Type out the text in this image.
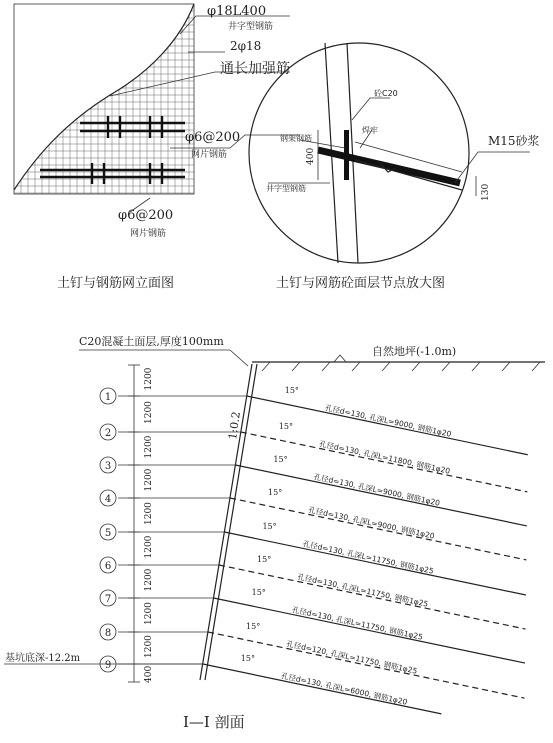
φ18L400
井字型钢筋
2φ18
通长加强筋
φ6@200
网片钢筋
φ6@200
网片钢筋
土钉与钢筋网立面图
砼C20
焊牢
钢架钢筋	M15砂浆
井字型钢筋
400
130
土钉与网筋砼面层节点放大图
C20混凝土面层,厚度100mm
自然地坪(-1.0m)
1:0.2
1200
1200
1200
1200
1200
1200
1200
1200
1200
400
1
15°
孔径d=130, 孔深L=9000, 钢筋1φ20
2
15°
孔径d=130, 孔深L=11800, 钢筋1φ20
3
15°
孔径d=130, 孔深L=9000, 钢筋1φ20
4
15°
孔径d=130, 孔深L=9000, 钢筋1φ20
5
15°
孔径d=130, 孔深L=11750, 钢筋1φ25
6
15°
孔径d=130, 孔深L=11750, 钢筋1φ25
7
15°
孔径d=130, 孔深L=11750, 钢筋1φ25
8
15°
孔径d=120, 孔深L=11750, 钢筋1φ25
9
15°
孔径d=130, 孔深L=6000, 钢筋1φ20
基坑底深-12.2m
I—I 剖面
